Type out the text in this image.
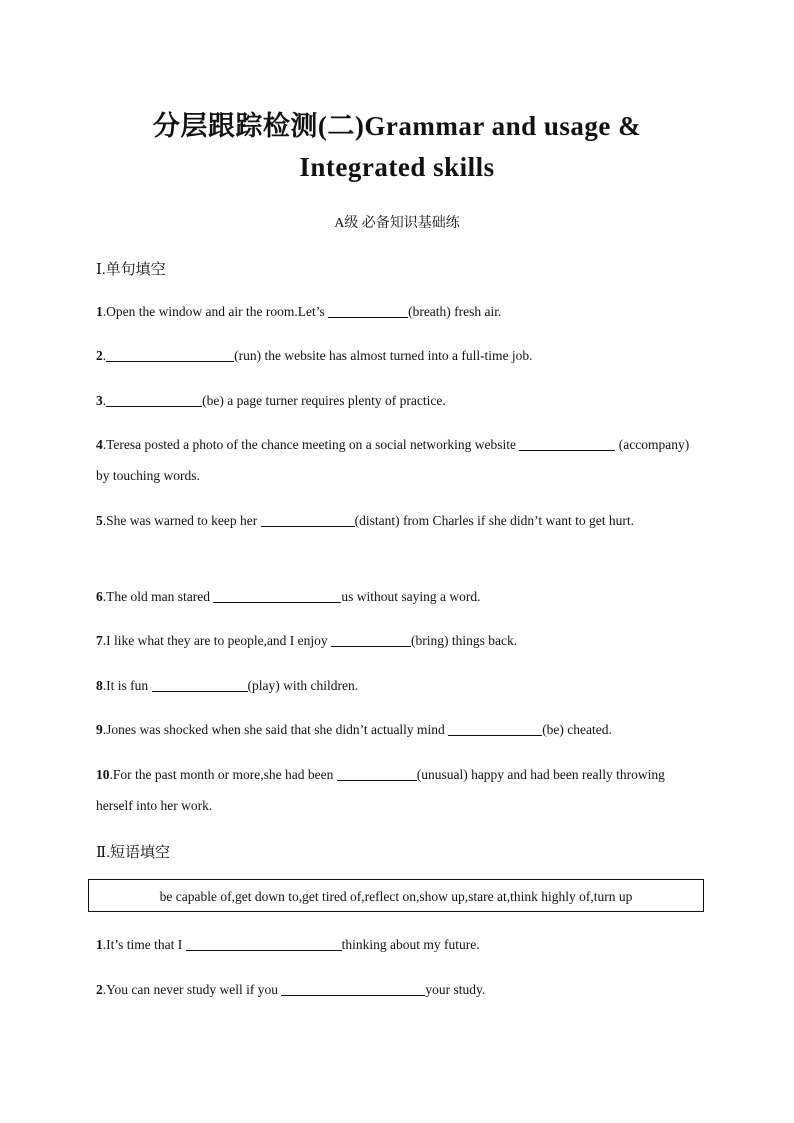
分层跟踪检测(二)Grammar and usage &
Integrated skills
A级 必备知识基础练
Ⅰ.单句填空
1.Open the window and air the room.Let’s	(breath) fresh air.
2.	(run) the website has almost turned into a full-time job.
3.	(be) a page turner requires plenty of practice.
4.Teresa posted a photo of the chance meeting on a social networking website	(accompany) by touching words.
5.She was warned to keep her	(distant) from Charles if she didn’t want to get hurt.
6.The old man stared	us without saying a word.
7.I like what they are to people,and I enjoy	(bring) things back.
8.It is fun	(play) with children.
9.Jones was shocked when she said that she didn’t actually mind	(be) cheated.
10.For the past month or more,she had been	(unusual) happy and had been really throwing herself into her work.
Ⅱ.短语填空
be capable of,get down to,get tired of,reflect on,show up,stare at,think highly of,turn up
1.It’s time that I	thinking about my future.
2.You can never study well if you	your study.
